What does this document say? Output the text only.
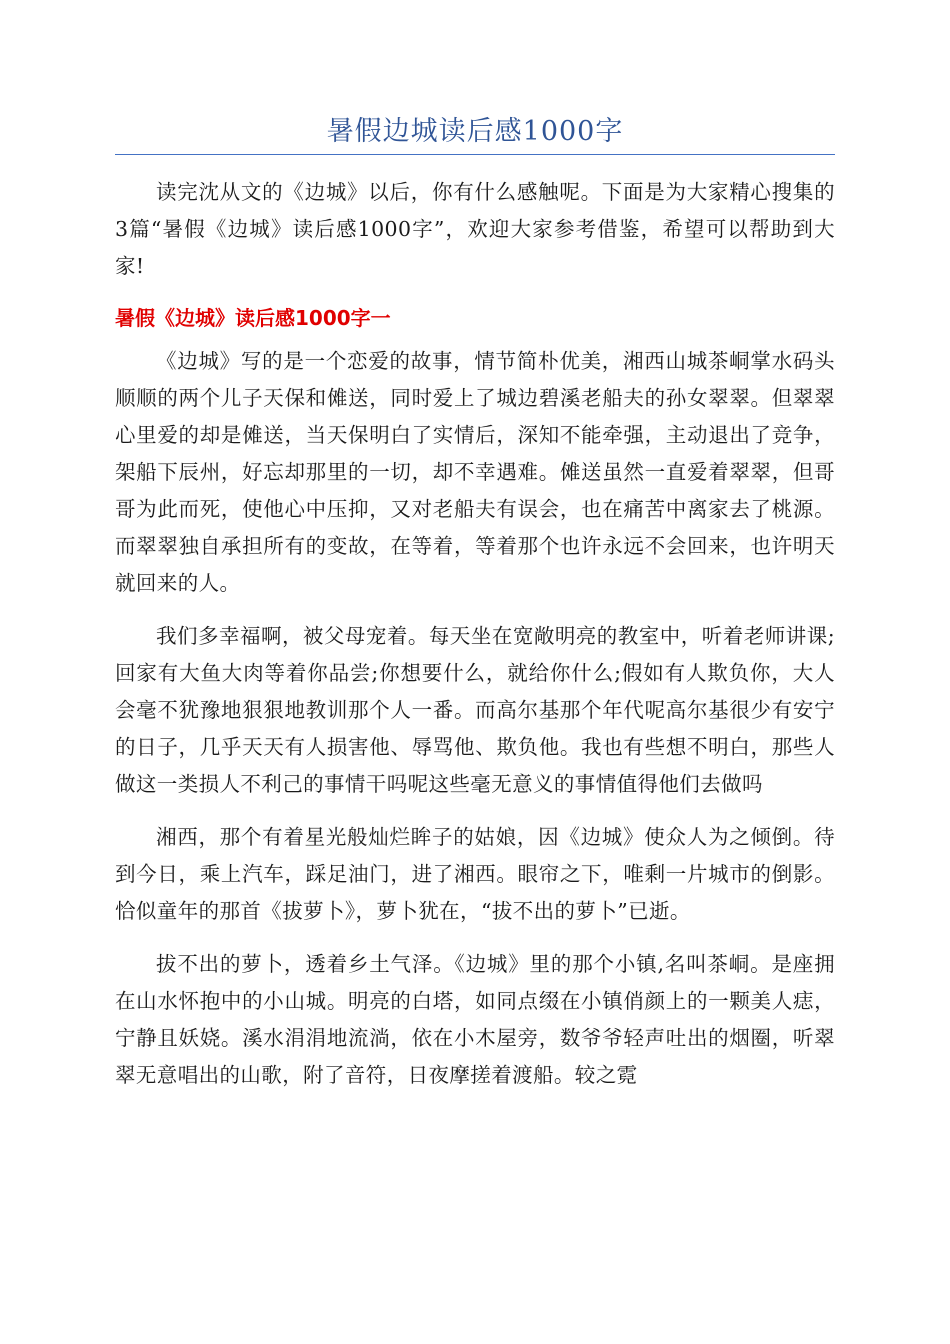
暑假边城读后感1000字

读完沈从文的《边城》以后，你有什么感触呢。下面是为大家精心搜集的3篇“暑假《边城》读后感1000字”，欢迎大家参考借鉴，希望可以帮助到大家!

暑假《边城》读后感1000字一

《边城》写的是一个恋爱的故事，情节简朴优美，湘西山城茶峒掌水码头顺顺的两个儿子天保和傩送，同时爱上了城边碧溪老船夫的孙女翠翠。但翠翠心里爱的却是傩送，当天保明白了实情后，深知不能牵强，主动退出了竞争，架船下辰州，好忘却那里的一切，却不幸遇难。傩送虽然一直爱着翠翠，但哥哥为此而死，使他心中压抑，又对老船夫有误会，也在痛苦中离家去了桃源。而翠翠独自承担所有的变故，在等着，等着那个也许永远不会回来，也许明天就回来的人。

我们多幸福啊，被父母宠着。每天坐在宽敞明亮的教室中，听着老师讲课;回家有大鱼大肉等着你品尝;你想要什么，就给你什么;假如有人欺负你，大人会毫不犹豫地狠狠地教训那个人一番。而高尔基那个年代呢高尔基很少有安宁的日子，几乎天天有人损害他、辱骂他、欺负他。我也有些想不明白，那些人做这一类损人不利己的事情干吗呢这些毫无意义的事情值得他们去做吗

湘西，那个有着星光般灿烂眸子的姑娘，因《边城》使众人为之倾倒。待到今日，乘上汽车，踩足油门，进了湘西。眼帘之下，唯剩一片城市的倒影。恰似童年的那首《拔萝卜》，萝卜犹在，“拔不出的萝卜”已逝。

拔不出的萝卜，透着乡土气泽。《边城》里的那个小镇,名叫茶峒。是座拥在山水怀抱中的小山城。明亮的白塔，如同点缀在小镇俏颜上的一颗美人痣，宁静且妖娆。溪水涓涓地流淌，依在小木屋旁，数爷爷轻声吐出的烟圈，听翠翠无意唱出的山歌，附了音符，日夜摩搓着渡船。较之霓
